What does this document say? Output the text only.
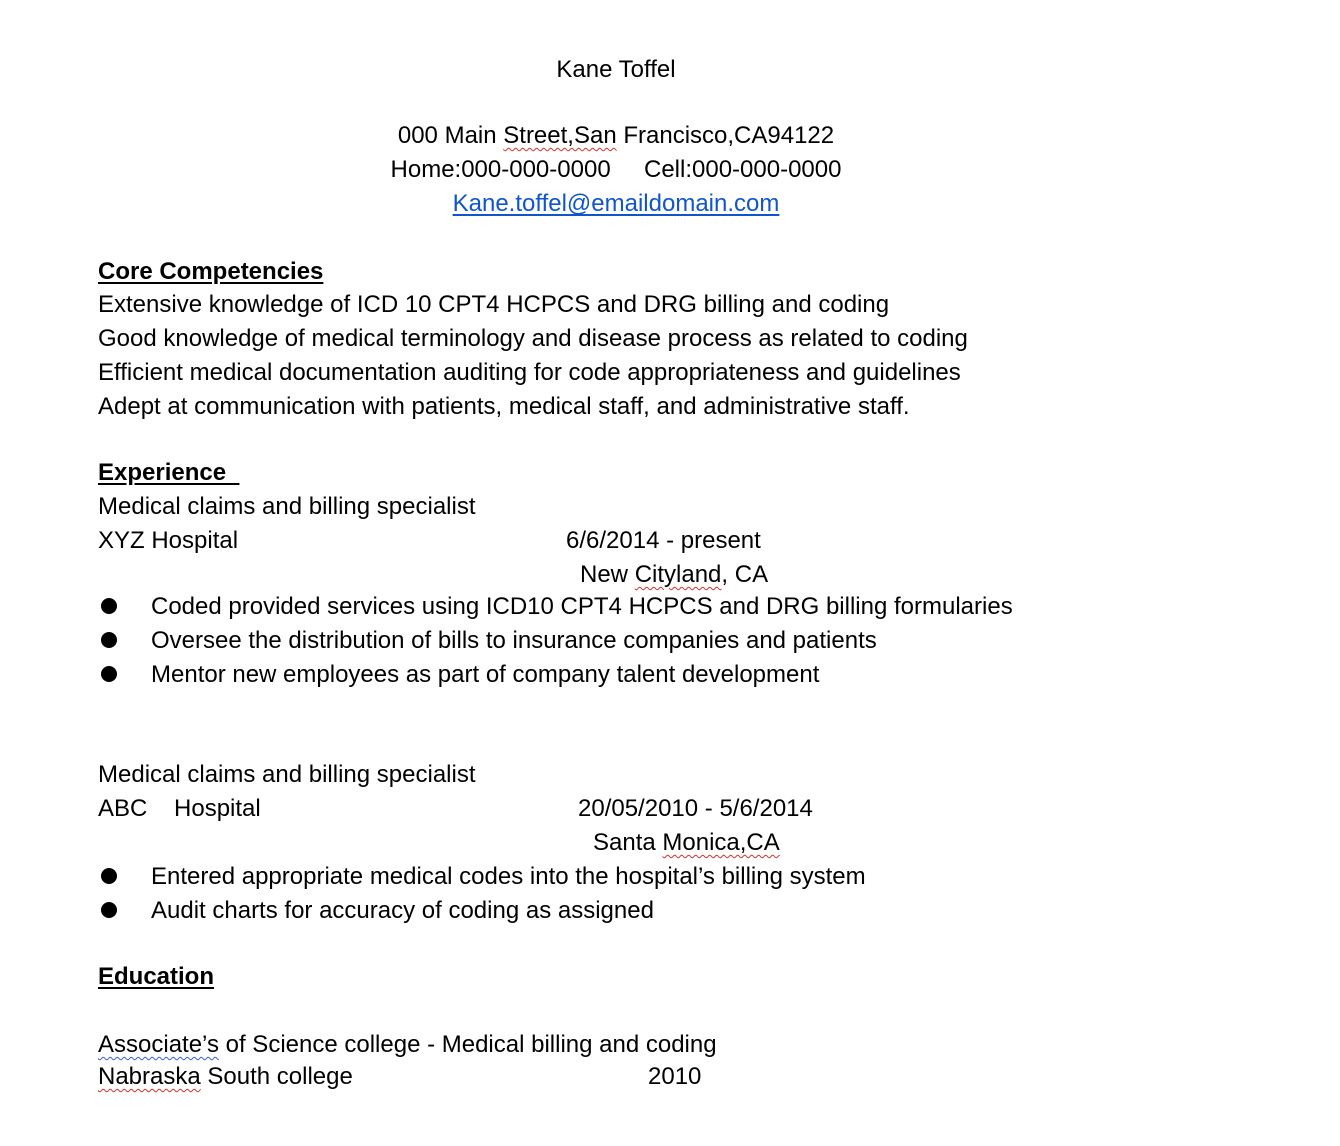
Kane Toffel
000 Main Street,San Francisco,CA94122
Home:000-000-0000     Cell:000-000-0000
Kane.toffel@emaildomain.com
Core Competencies
Extensive knowledge of ICD 10 CPT4 HCPCS and DRG billing and coding
Good knowledge of medical terminology and disease process as related to coding
Efficient medical documentation auditing for code appropriateness and guidelines
Adept at communication with patients, medical staff, and administrative staff.
Experience
Medical claims and billing specialist
XYZ Hospital	6/6/2014 - present
New Cityland, CA
Coded provided services using ICD10 CPT4 HCPCS and DRG billing formularies
Oversee the distribution of bills to insurance companies and patients
Mentor new employees as part of company talent development
Medical claims and billing specialist
ABC    Hospital	20/05/2010 - 5/6/2014
Santa Monica,CA
Entered appropriate medical codes into the hospital’s billing system
Audit charts for accuracy of coding as assigned
Education
Associate’s of Science college - Medical billing and coding
Nabraska South college	2010
